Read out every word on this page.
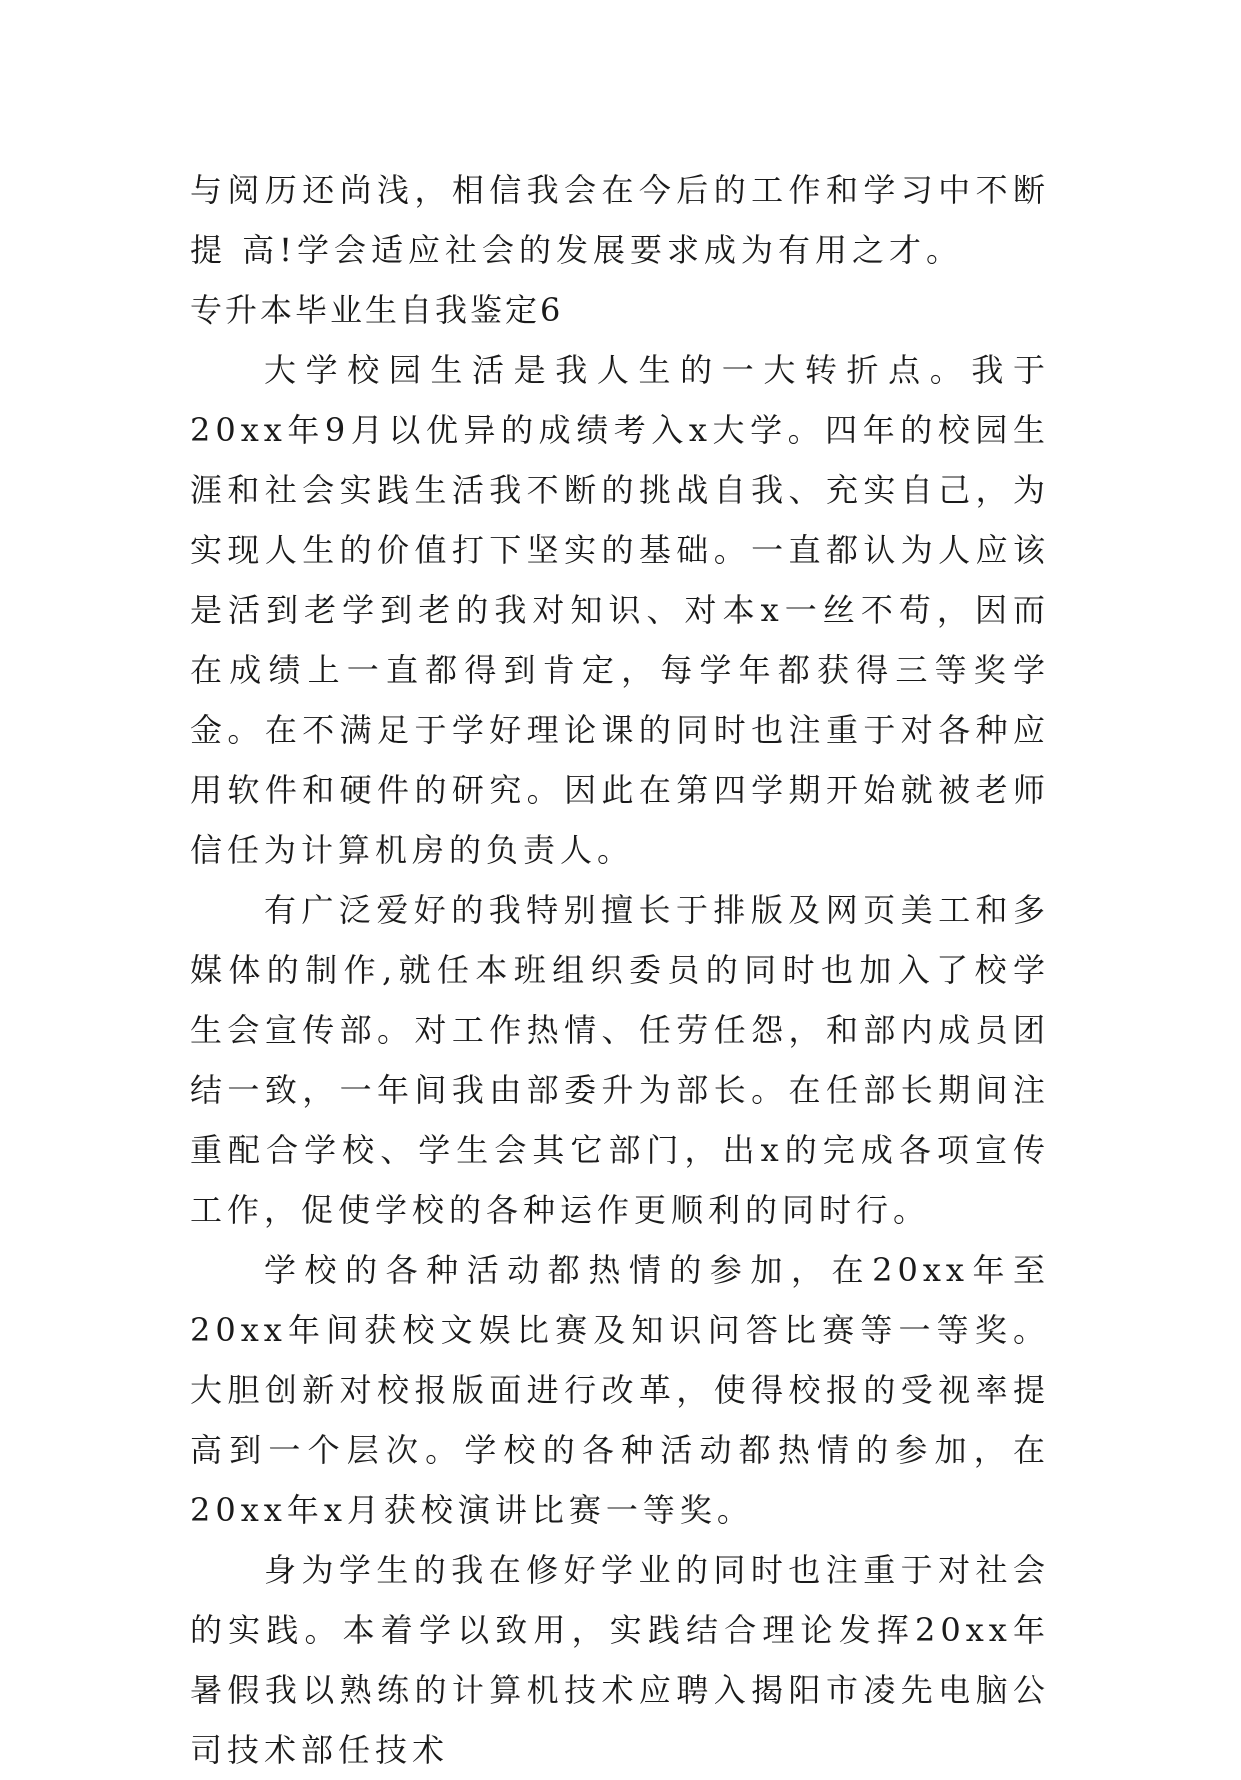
与阅历还尚浅，相信我会在今后的工作和学习中不断提 高!学会适应社会的发展要求成为有用之才。

专升本毕业生自我鉴定6

大学校园生活是我人生的一大转折点。我于20xx年9月以优异的成绩考入x大学。四年的校园生涯和社会实践生活我不断的挑战自我、充实自己，为实现人生的价值打下坚实的基础。一直都认为人应该是活到老学到老的我对知识、对本x一丝不苟，因而在成绩上一直都得到肯定，每学年都获得三等奖学金。在不满足于学好理论课的同时也注重于对各种应用软件和硬件的研究。因此在第四学期开始就被老师信任为计算机房的负责人。

有广泛爱好的我特别擅长于排版及网页美工和多媒体的制作,就任本班组织委员的同时也加入了校学生会宣传部。对工作热情、任劳任怨，和部内成员团结一致，一年间我由部委升为部长。在任部长期间注重配合学校、学生会其它部门，出x的完成各项宣传工作，促使学校的各种运作更顺利的同时行。

学校的各种活动都热情的参加，在20xx年至20xx年间获校文娱比赛及知识问答比赛等一等奖。大胆创新对校报版面进行改革，使得校报的受视率提高到一个层次。学校的各种活动都热情的参加，在20xx年x月获校演讲比赛一等奖。

身为学生的我在修好学业的同时也注重于对社会的实践。本着学以致用，实践结合理论发挥20xx年暑假我以熟练的计算机技术应聘入揭阳市凌先电脑公司技术部任技术
